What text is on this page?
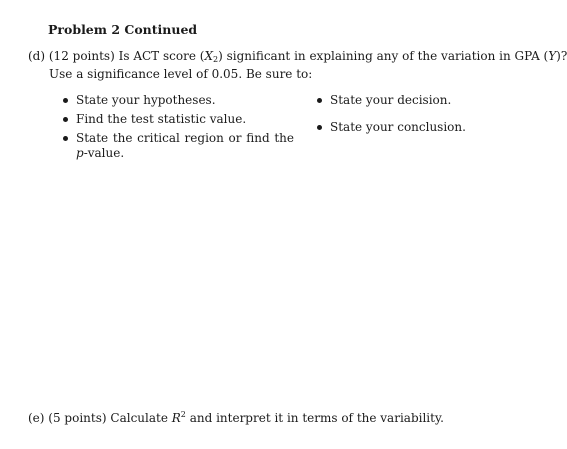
Problem 2 Continued
(d) (12 points) Is ACT score $(X_2)$ significant in explaining any of the variation in GPA (Y)?
Use a significance level of 0.05. Be sure to:
State your hypotheses.
Find the test statistic value.
State the critical region or find the
p-value.
State your decision.
State your conclusion.
(e) (5 points) Calculate $R^2$ and interpret it in terms of the variability.
